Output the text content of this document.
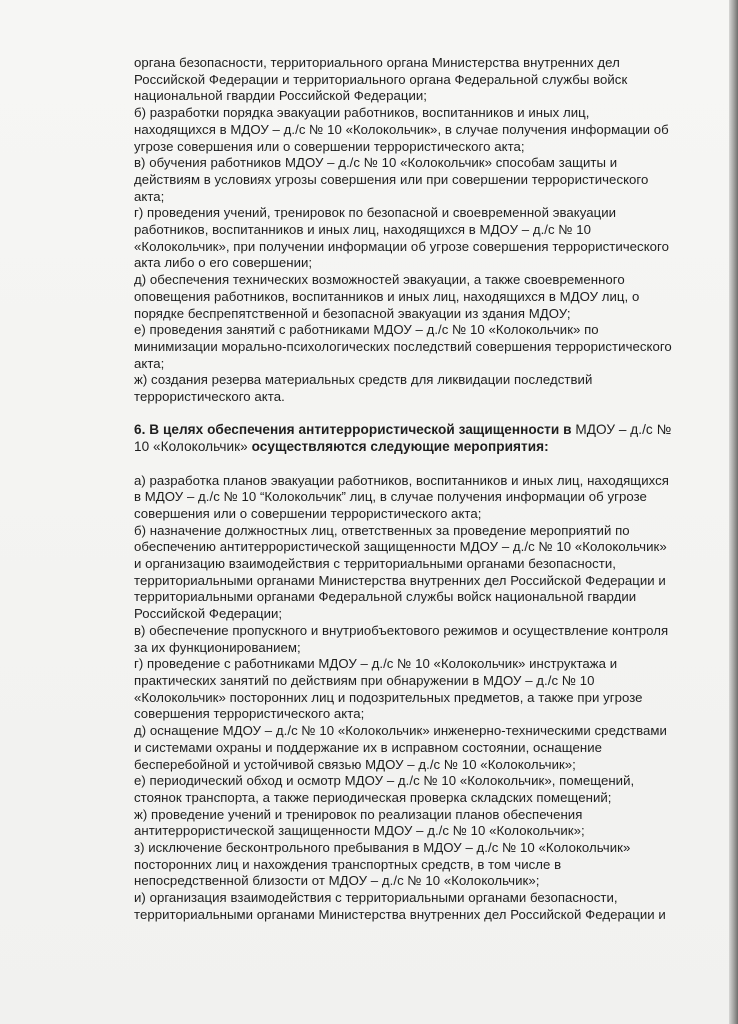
органа безопасности, территориального органа Министерства внутренних дел
Российской Федерации и территориального органа Федеральной службы войск
национальной гвардии Российской Федерации;
б) разработки порядка эвакуации работников, воспитанников и иных лиц,
находящихся в МДОУ – д./с № 10 «Колокольчик», в случае получения информации об
угрозе совершения или о совершении террористического акта;
в) обучения работников МДОУ – д./с № 10 «Колокольчик» способам защиты и
действиям в условиях угрозы совершения или при совершении террористического
акта;
г) проведения учений, тренировок по безопасной и своевременной эвакуации
работников, воспитанников и иных лиц, находящихся в МДОУ – д./с № 10
«Колокольчик», при получении информации об угрозе совершения террористического
акта либо о его совершении;
д) обеспечения технических возможностей эвакуации, а также своевременного
оповещения работников, воспитанников и иных лиц, находящихся в МДОУ лиц, о
порядке беспрепятственной и безопасной эвакуации из здания МДОУ;
е) проведения занятий с работниками МДОУ – д./с № 10 «Колокольчик» по
минимизации морально-психологических последствий совершения террористического
акта;
ж) создания резерва материальных средств для ликвидации последствий
террористического акта.
6. В целях обеспечения антитеррористической защищенности в МДОУ – д./с №
10 «Колокольчик» осуществляются следующие мероприятия:
а) разработка планов эвакуации работников, воспитанников и иных лиц, находящихся
в МДОУ – д./с № 10 “Колокольчик” лиц, в случае получения информации об угрозе
совершения или о совершении террористического акта;
б) назначение должностных лиц, ответственных за проведение мероприятий по
обеспечению антитеррористической защищенности МДОУ – д./с № 10 «Колокольчик»
и организацию взаимодействия с территориальными органами безопасности,
территориальными органами Министерства внутренних дел Российской Федерации и
территориальными органами Федеральной службы войск национальной гвардии
Российской Федерации;
в) обеспечение пропускного и внутриобъектового режимов и осуществление контроля
за их функционированием;
г) проведение с работниками МДОУ – д./с № 10 «Колокольчик» инструктажа и
практических занятий по действиям при обнаружении в МДОУ – д./с № 10
«Колокольчик» посторонних лиц и подозрительных предметов, а также при угрозе
совершения террористического акта;
д) оснащение МДОУ – д./с № 10 «Колокольчик» инженерно-техническими средствами
и системами охраны и поддержание их в исправном состоянии, оснащение
бесперебойной и устойчивой связью МДОУ – д./с № 10 «Колокольчик»;
е) периодический обход и осмотр МДОУ – д./с № 10 «Колокольчик», помещений,
стоянок транспорта, а также периодическая проверка складских помещений;
ж) проведение учений и тренировок по реализации планов обеспечения
антитеррористической защищенности МДОУ – д./с № 10 «Колокольчик»;
з) исключение бесконтрольного пребывания в МДОУ – д./с № 10 «Колокольчик»
посторонних лиц и нахождения транспортных средств, в том числе в
непосредственной близости от МДОУ – д./с № 10 «Колокольчик»;
и) организация взаимодействия с территориальными органами безопасности,
территориальными органами Министерства внутренних дел Российской Федерации и
